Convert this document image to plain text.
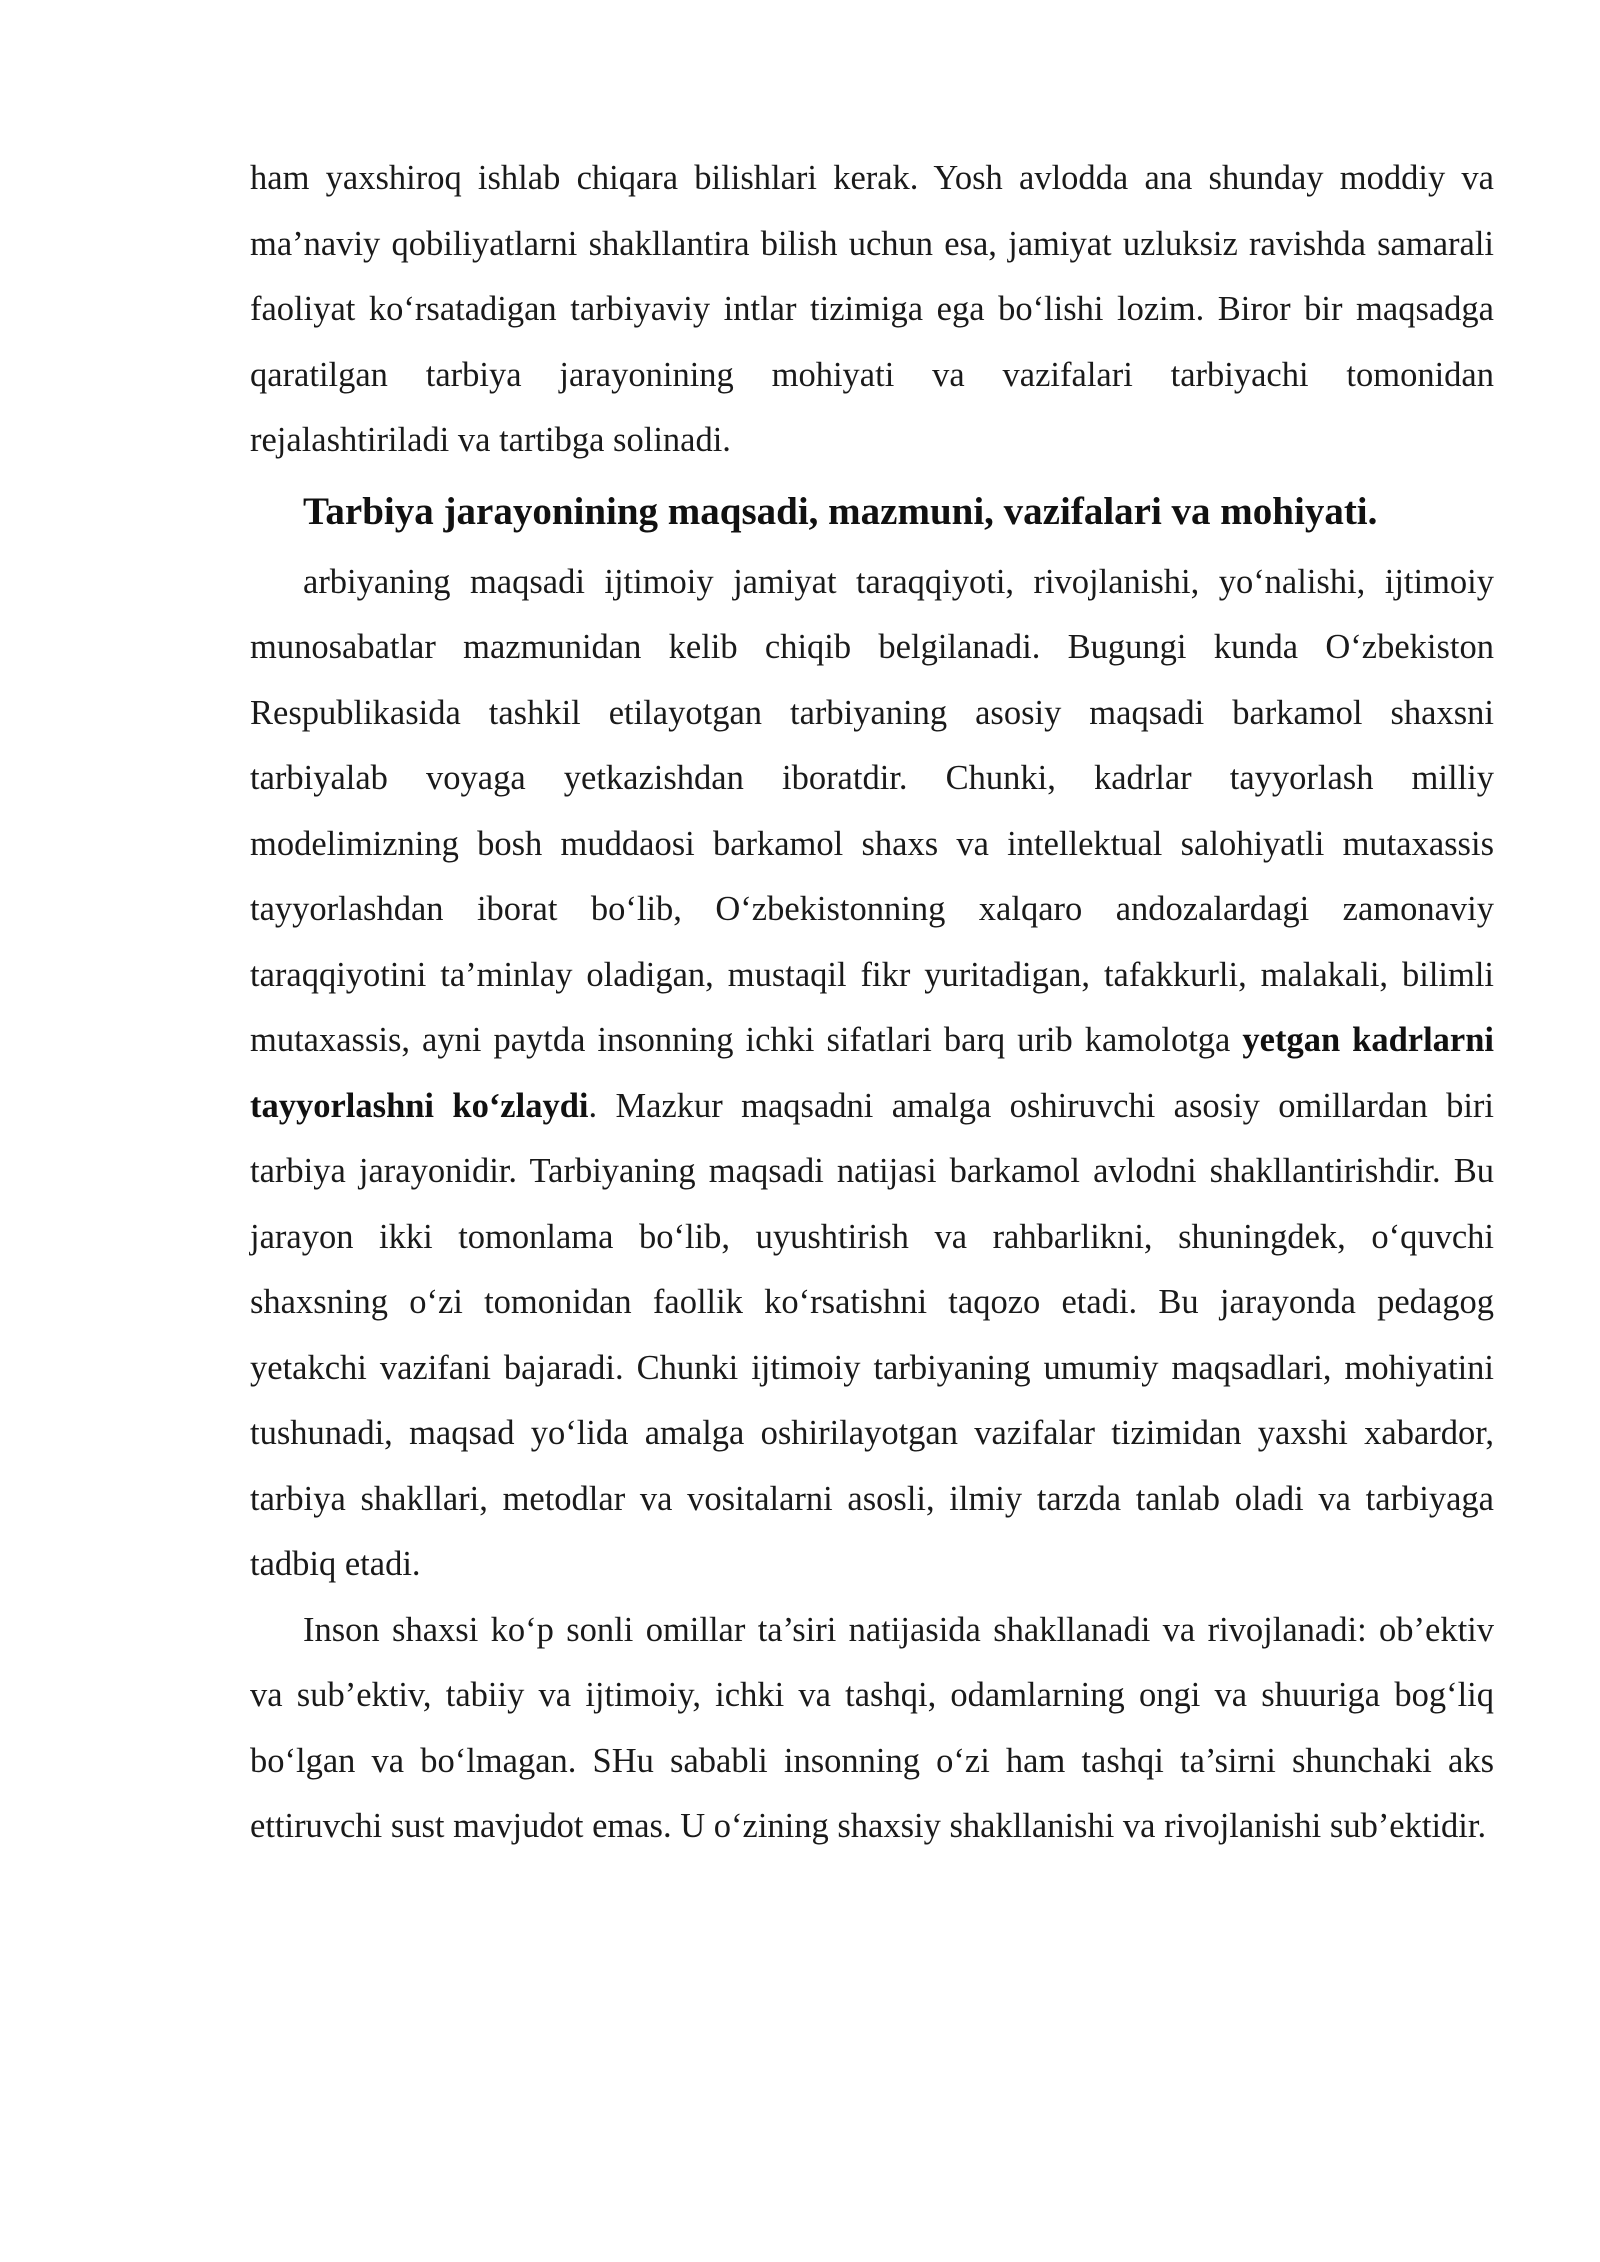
ham yaxshiroq ishlab chiqara bilishlari kerak. Yosh avlodda ana shunday moddiy va ma’naviy qobiliyatlarni shakllantira bilish uchun esa, jamiyat uzluksiz ravishda samarali faoliyat ko‘rsatadigan tarbiyaviy intlar tizimiga ega bo‘lishi lozim. Biror bir maqsadga qaratilgan tarbiya jarayonining mohiyati va vazifalari tarbiyachi tomonidan rejalashtiriladi va tartibga solinadi.

Tarbiya jarayonining maqsadi, mazmuni, vazifalari va mohiyati.

arbiyaning maqsadi ijtimoiy jamiyat taraqqiyoti, rivojlanishi, yo‘nalishi, ijtimoiy munosabatlar mazmunidan kelib chiqib belgilanadi. Bugungi kunda O‘zbekiston Respublikasida tashkil etilayotgan tarbiyaning asosiy maqsadi barkamol shaxsni tarbiyalab voyaga yetkazishdan iboratdir. Chunki, kadrlar tayyorlash milliy modelimizning bosh muddaosi barkamol shaxs va intellektual salohiyatli mutaxassis tayyorlashdan iborat bo‘lib, O‘zbekistonning xalqaro andozalardagi zamonaviy taraqqiyotini ta’minlay oladigan, mustaqil fikr yuritadigan, tafakkurli, malakali, bilimli mutaxassis, ayni paytda insonning ichki sifatlari barq urib kamolotga yetgan kadrlarni tayyorlashni ko‘zlaydi. Mazkur maqsadni amalga oshiruvchi asosiy omillardan biri tarbiya jarayonidir. Tarbiyaning maqsadi natijasi barkamol avlodni shakllantirishdir. Bu jarayon ikki tomonlama bo‘lib, uyushtirish va rahbarlikni, shuningdek, o‘quvchi shaxsning o‘zi tomonidan faollik ko‘rsatishni taqozo etadi. Bu jarayonda pedagog yetakchi vazifani bajaradi. Chunki ijtimoiy tarbiyaning umumiy maqsadlari, mohiyatini tushunadi, maqsad yo‘lida amalga oshirilayotgan vazifalar tizimidan yaxshi xabardor, tarbiya shakllari, metodlar va vositalarni asosli, ilmiy tarzda tanlab oladi va tarbiyaga tadbiq etadi.

Inson shaxsi ko‘p sonli omillar ta’siri natijasida shakllanadi va rivojlanadi: ob’ektiv va sub’ektiv, tabiiy va ijtimoiy, ichki va tashqi, odamlarning ongi va shuuriga bog‘liq bo‘lgan va bo‘lmagan. SHu sababli insonning o‘zi ham tashqi ta’sirni shunchaki aks ettiruvchi sust mavjudot emas. U o‘zining shaxsiy shakllanishi va rivojlanishi sub’ektidir.
